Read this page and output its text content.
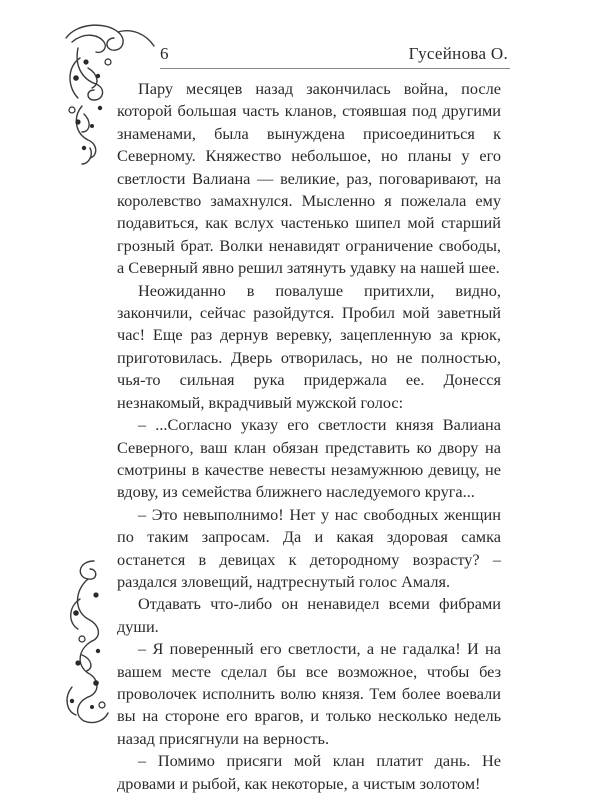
6	Гусейнова О.

Пару месяцев назад закончилась война, после которой большая часть кланов, стоявшая под другими знаменами, была вынуждена присоединиться к Северному. Княжество небольшое, но планы у его светлости Валиана — великие, раз, поговаривают, на королевство замахнулся. Мысленно я пожелала ему подавиться, как вслух частенько шипел мой старший грозный брат. Волки ненавидят ограничение свободы, а Северный явно решил затянуть удавку на нашей шее.

Неожиданно в повалуше притихли, видно, закончили, сейчас разойдутся. Пробил мой заветный час! Еще раз дернув веревку, зацепленную за крюк, приготовилась. Дверь отворилась, но не полностью, чья-то сильная рука придержала ее. Донесся незнакомый, вкрадчивый мужской голос:

– ...Согласно указу его светлости князя Валиана Северного, ваш клан обязан представить ко двору на смотрины в качестве невесты незамужнюю девицу, не вдову, из семейства ближнего наследуемого круга...

– Это невыполнимо! Нет у нас свободных женщин по таким запросам. Да и какая здоровая самка останется в девицах к детородному возрасту? – раздался зловещий, надтреснутый голос Амаля.

Отдавать что-либо он ненавидел всеми фибрами души.

– Я поверенный его светлости, а не гадалка! И на вашем месте сделал бы все возможное, чтобы без проволочек исполнить волю князя. Тем более воевали вы на стороне его врагов, и только несколько недель назад присягнули на верность.

– Помимо присяги мой клан платит дань. Не дровами и рыбой, как некоторые, а чистым золотом!
